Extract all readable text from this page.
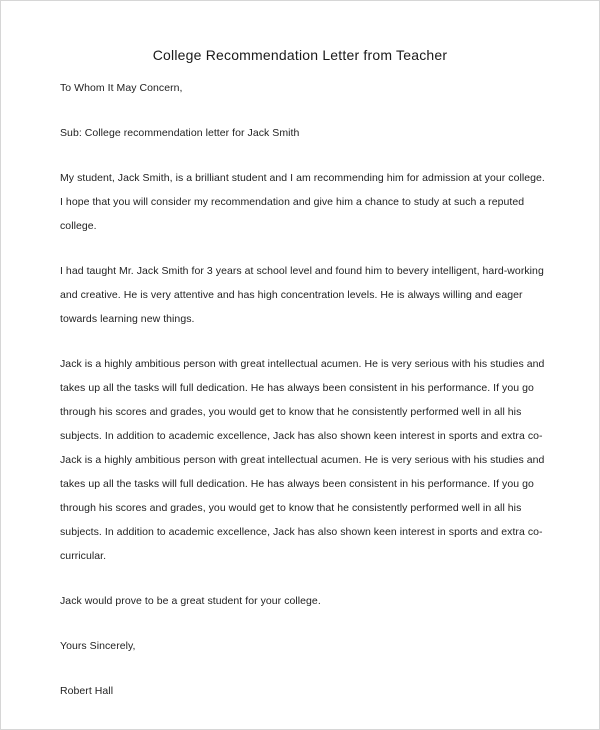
College Recommendation Letter from Teacher

To Whom It May Concern,

Sub: College recommendation letter for Jack Smith

My student, Jack Smith, is a brilliant student and I am recommending him for admission at your college.
I hope that you will consider my recommendation and give him a chance to study at such a reputed
college.

I had taught Mr. Jack Smith for 3 years at school level and found him to bevery intelligent, hard-working
and creative. He is very attentive and has high concentration levels. He is always willing and eager
towards learning new things.

Jack is a highly ambitious person with great intellectual acumen. He is very serious with his studies and
takes up all the tasks will full dedication. He has always been consistent in his performance. If you go
through his scores and grades, you would get to know that he consistently performed well in all his
subjects. In addition to academic excellence, Jack has also shown keen interest in sports and extra co-
Jack is a highly ambitious person with great intellectual acumen. He is very serious with his studies and
takes up all the tasks will full dedication. He has always been consistent in his performance. If you go
through his scores and grades, you would get to know that he consistently performed well in all his
subjects. In addition to academic excellence, Jack has also shown keen interest in sports and extra co-
curricular.

Jack would prove to be a great student for your college.

Yours Sincerely,

Robert Hall
